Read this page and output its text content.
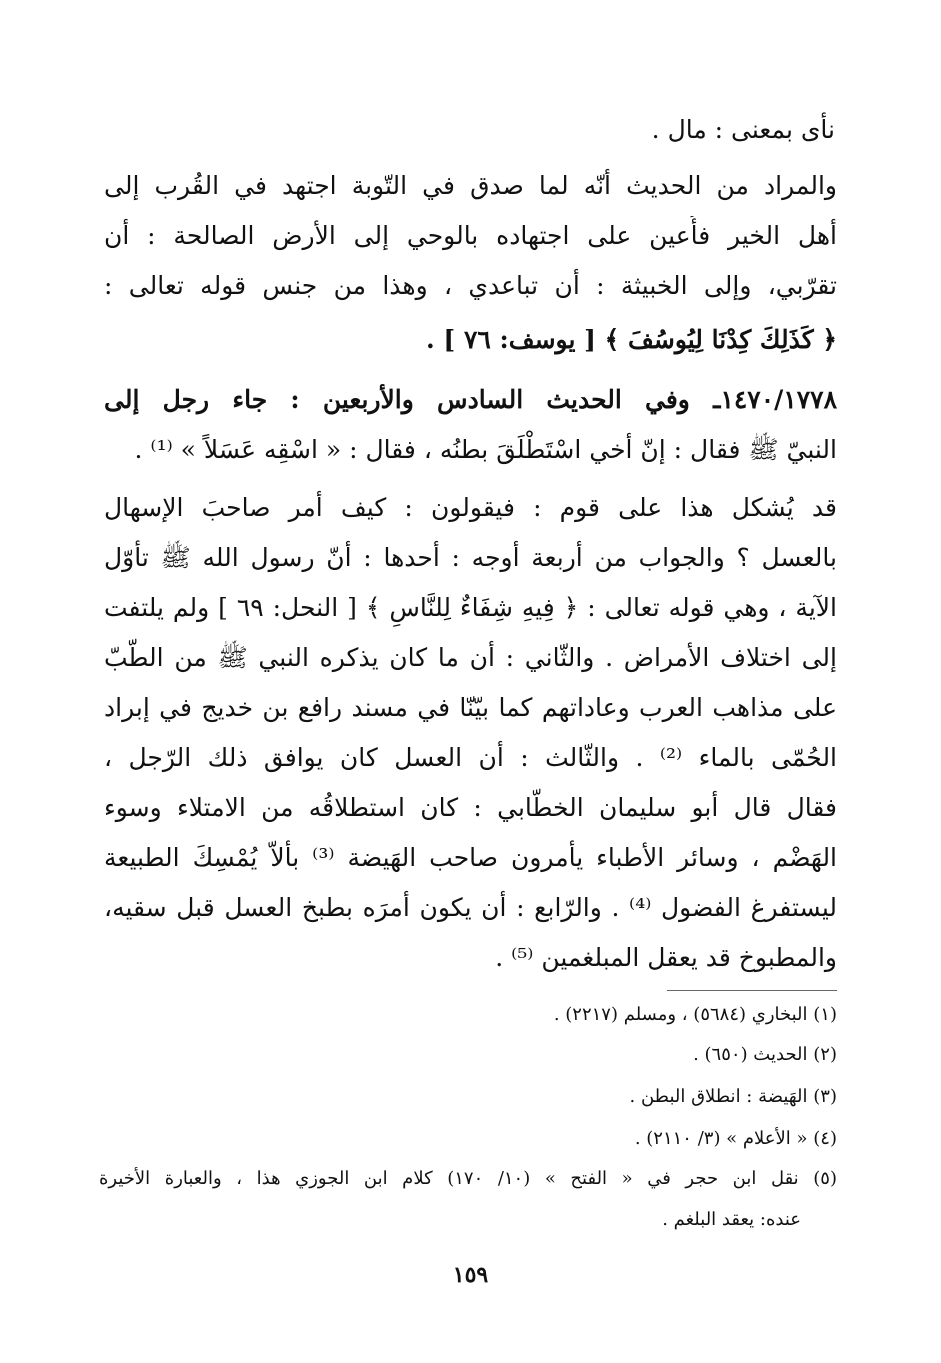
نأى بمعنى : مال .
والمراد من الحديث أنّه لما صدق في التّوبة اجتهد في القُرب إلى
أهل الخير فأُعين على اجتهاده بالوحي إلى الأرض الصالحة : أن
تقرّبي، وإلى الخبيثة : أن تباعدي ، وهذا من جنس قوله تعالى :
﴿ كَذَلِكَ كِدْنَا لِيُوسُفَ ﴾ [ يوسف: ٧٦ ] .
١٤٧٠/١٧٧٨ـ وفي الحديث السادس والأربعين : جاء رجل إلى
النبيّ ﷺ فقال : إنّ أخي اسْتَطْلَقَ بطنُه ، فقال : « اسْقِه عَسَلاً » ⁽¹⁾ .
قد يُشكل هذا على قوم : فيقولون : كيف أمر صاحبَ الإسهال
بالعسل ؟ والجواب من أربعة أوجه : أحدها : أنّ رسول الله ﷺ تأوّل
الآية ، وهي قوله تعالى : ﴿ فِيهِ شِفَاءٌ لِلنَّاسِ ﴾ [ النحل: ٦٩ ] ولم يلتفت
إلى اختلاف الأمراض . والثّاني : أن ما كان يذكره النبي ﷺ من الطّبّ
على مذاهب العرب وعاداتهم كما بيّنّا في مسند رافع بن خديج في إبراد
الحُمّى بالماء ⁽²⁾ . والثّالث : أن العسل كان يوافق ذلك الرّجل ،
فقال قال أبو سليمان الخطّابي : كان استطلاقُه من الامتلاء وسوء
الهَضْم ، وسائر الأطباء يأمرون صاحب الهَيضة ⁽³⁾ بألاّ يُمْسِكَ الطبيعة
ليستفرغ الفضول ⁽⁴⁾ . والرّابع : أن يكون أمرَه بطبخ العسل قبل سقيه،
والمطبوخ قد يعقل المبلغمين ⁽⁵⁾ .
(١) البخاري (٥٦٨٤) ، ومسلم (٢٢١٧) .
(٢) الحديث (٦٥٠) .
(٣) الهَيضة : انطلاق البطن .
(٤) « الأعلام » (٣/ ٢١١٠) .
(٥) نقل ابن حجر في « الفتح » (١٠/ ١٧٠) كلام ابن الجوزي هذا ، والعبارة الأخيرة
عنده: يعقد البلغم .
١٥٩
